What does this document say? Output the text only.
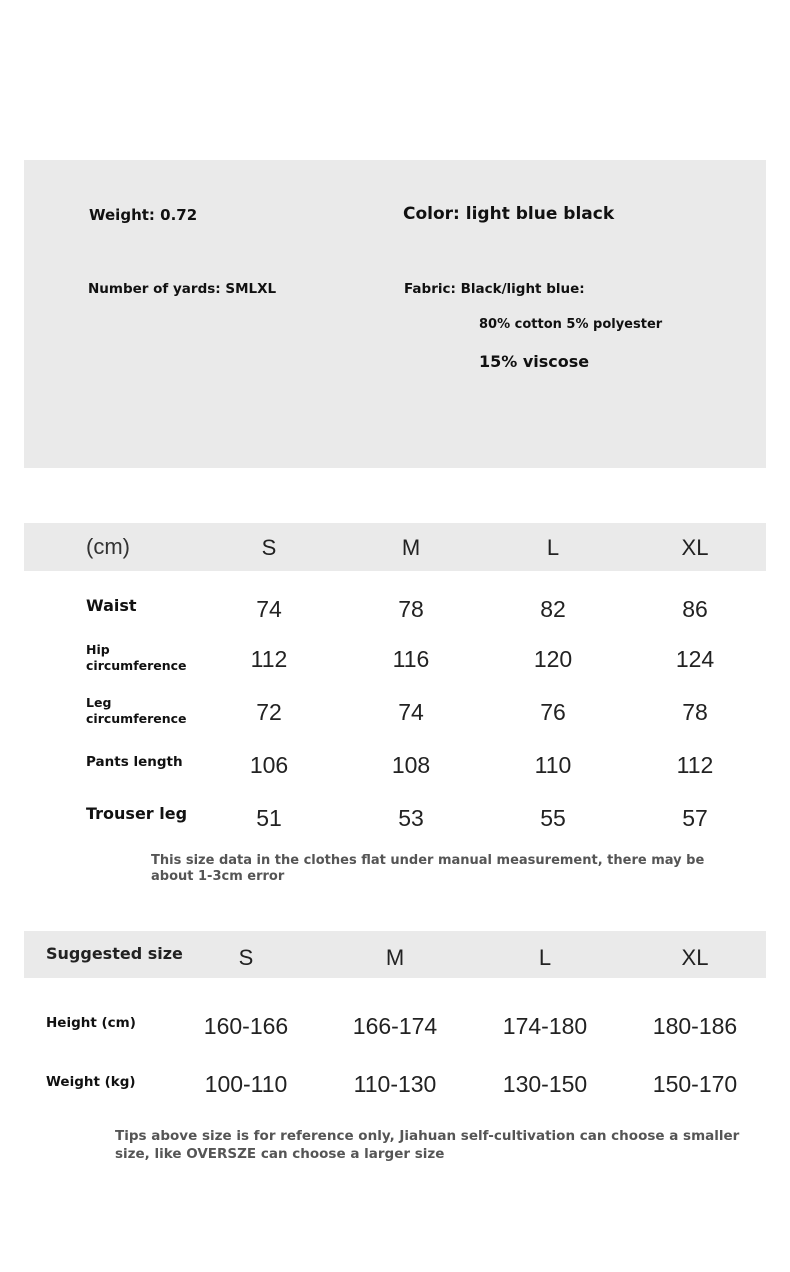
Weight: 0.72	Color: light blue black
Number of yards: SMLXL	Fabric: Black/light blue:
80% cotton 5% polyester
15% viscose
(cm)	S	M	L	XL
Waist	74	78	82	86
Hip
circumference	112	116	120	124
Leg
circumference	72	74	76	78
Pants length	106	108	110	112
Trouser leg	51	53	55	57
This size data in the clothes flat under manual measurement, there may be
about 1-3cm error
Suggested size	S	M	L	XL
Height (cm)	160-166	166-174	174-180	180-186
Weight (kg)	100-110	110-130	130-150	150-170
Tips above size is for reference only, Jiahuan self-cultivation can choose a smaller
size, like OVERSZE can choose a larger size
